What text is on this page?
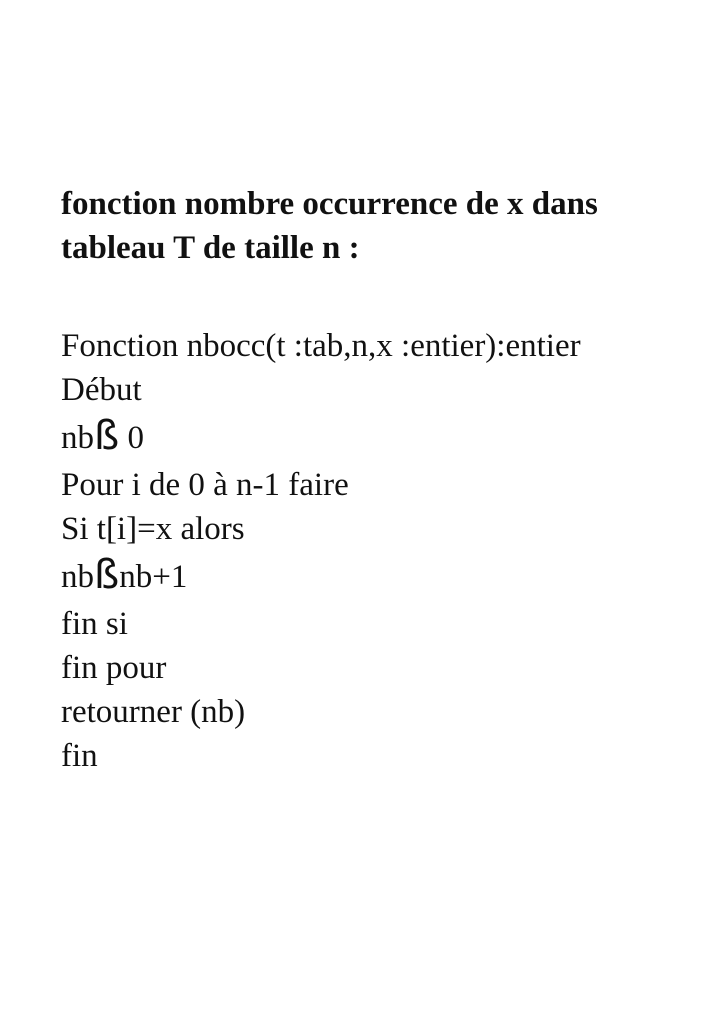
fonction nombre occurrence de x dans
tableau T de taille n :

Fonction nbocc(t :tab,n,x :entier):entier
Début
nbß 0
Pour i de 0 à n-1 faire
Si t[i]=x alors
nbßnb+1
fin si
fin pour
retourner (nb)
fin
